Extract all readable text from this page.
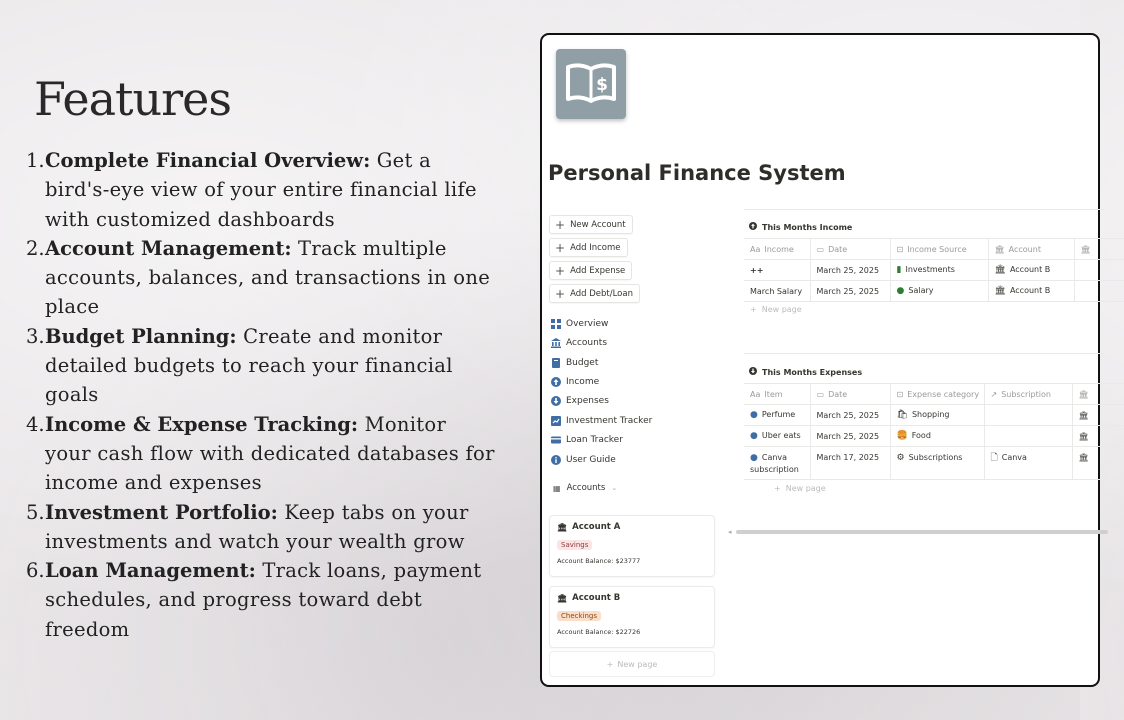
Features
1. Complete Financial Overview: Get a bird's-eye view of your entire financial life with customized dashboards
2. Account Management: Track multiple accounts, balances, and transactions in one place
3. Budget Planning: Create and monitor detailed budgets to reach your financial goals
4. Income & Expense Tracking: Monitor your cash flow with dedicated databases for income and expenses
5. Investment Portfolio: Keep tabs on your investments and watch your wealth grow
6. Loan Management: Track loans, payment schedules, and progress toward debt freedom
$
Personal Finance System
+ New Account
+ Add Income
+ Add Expense
+ Add Debt/Loan
Overview
Accounts
Budget
Income
Expenses
Investment Tracker
Loan Tracker
User Guide
▦ Accounts ⌄
🏛 Account A
Savings
Account Balance: $23777
🏛 Account B
Checkings
Account Balance: $22726
+ New page
This Months Income
Aa Income	▭ Date	⊡ Income Source	🏛 Account	🏛
++	March 25, 2025	▮ Investments	🏛 Account B	
March Salary	March 25, 2025	● Salary	🏛 Account B	
+ New page
This Months Expenses
Aa Item	▭ Date	⊡ Expense category	↗ Subscription	🏛
● Perfume	March 25, 2025	🛍 Shopping		🏛
● Uber eats	March 25, 2025	🍔 Food		🏛
● Canva subscription	March 17, 2025	⚙ Subscriptions	🗋 Canva	🏛
+ New page
◂
